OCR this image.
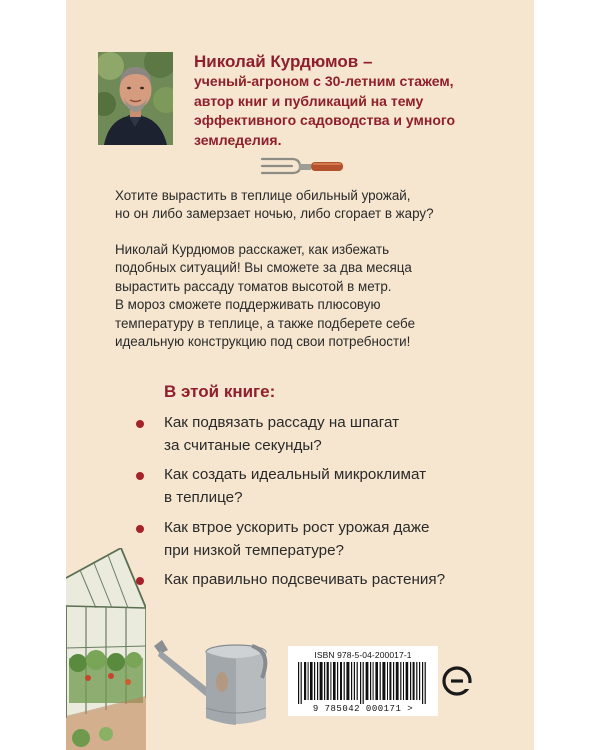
Николай Курдюмов –
ученый-агроном с 30-летним стажем,
автор книг и публикаций на тему
эффективного садоводства и умного
земледелия.
Хотите вырастить в теплице обильный урожай,
но он либо замерзает ночью, либо сгорает в жару?
Николай Курдюмов расскажет, как избежать
подобных ситуаций! Вы сможете за два месяца
вырастить рассаду томатов высотой в метр.
В мороз сможете поддерживать плюсовую
температуру в теплице, а также подберете себе
идеальную конструкцию под свои потребности!
В этой книге:
Как подвязать рассаду на шпагат
за считаные секунды?
Как создать идеальный микроклимат
в теплице?
Как втрое ускорить рост урожая даже
при низкой температуре?
Как правильно подсвечивать растения?
ISBN 978-5-04-200017-1
9 785042 000171 >
